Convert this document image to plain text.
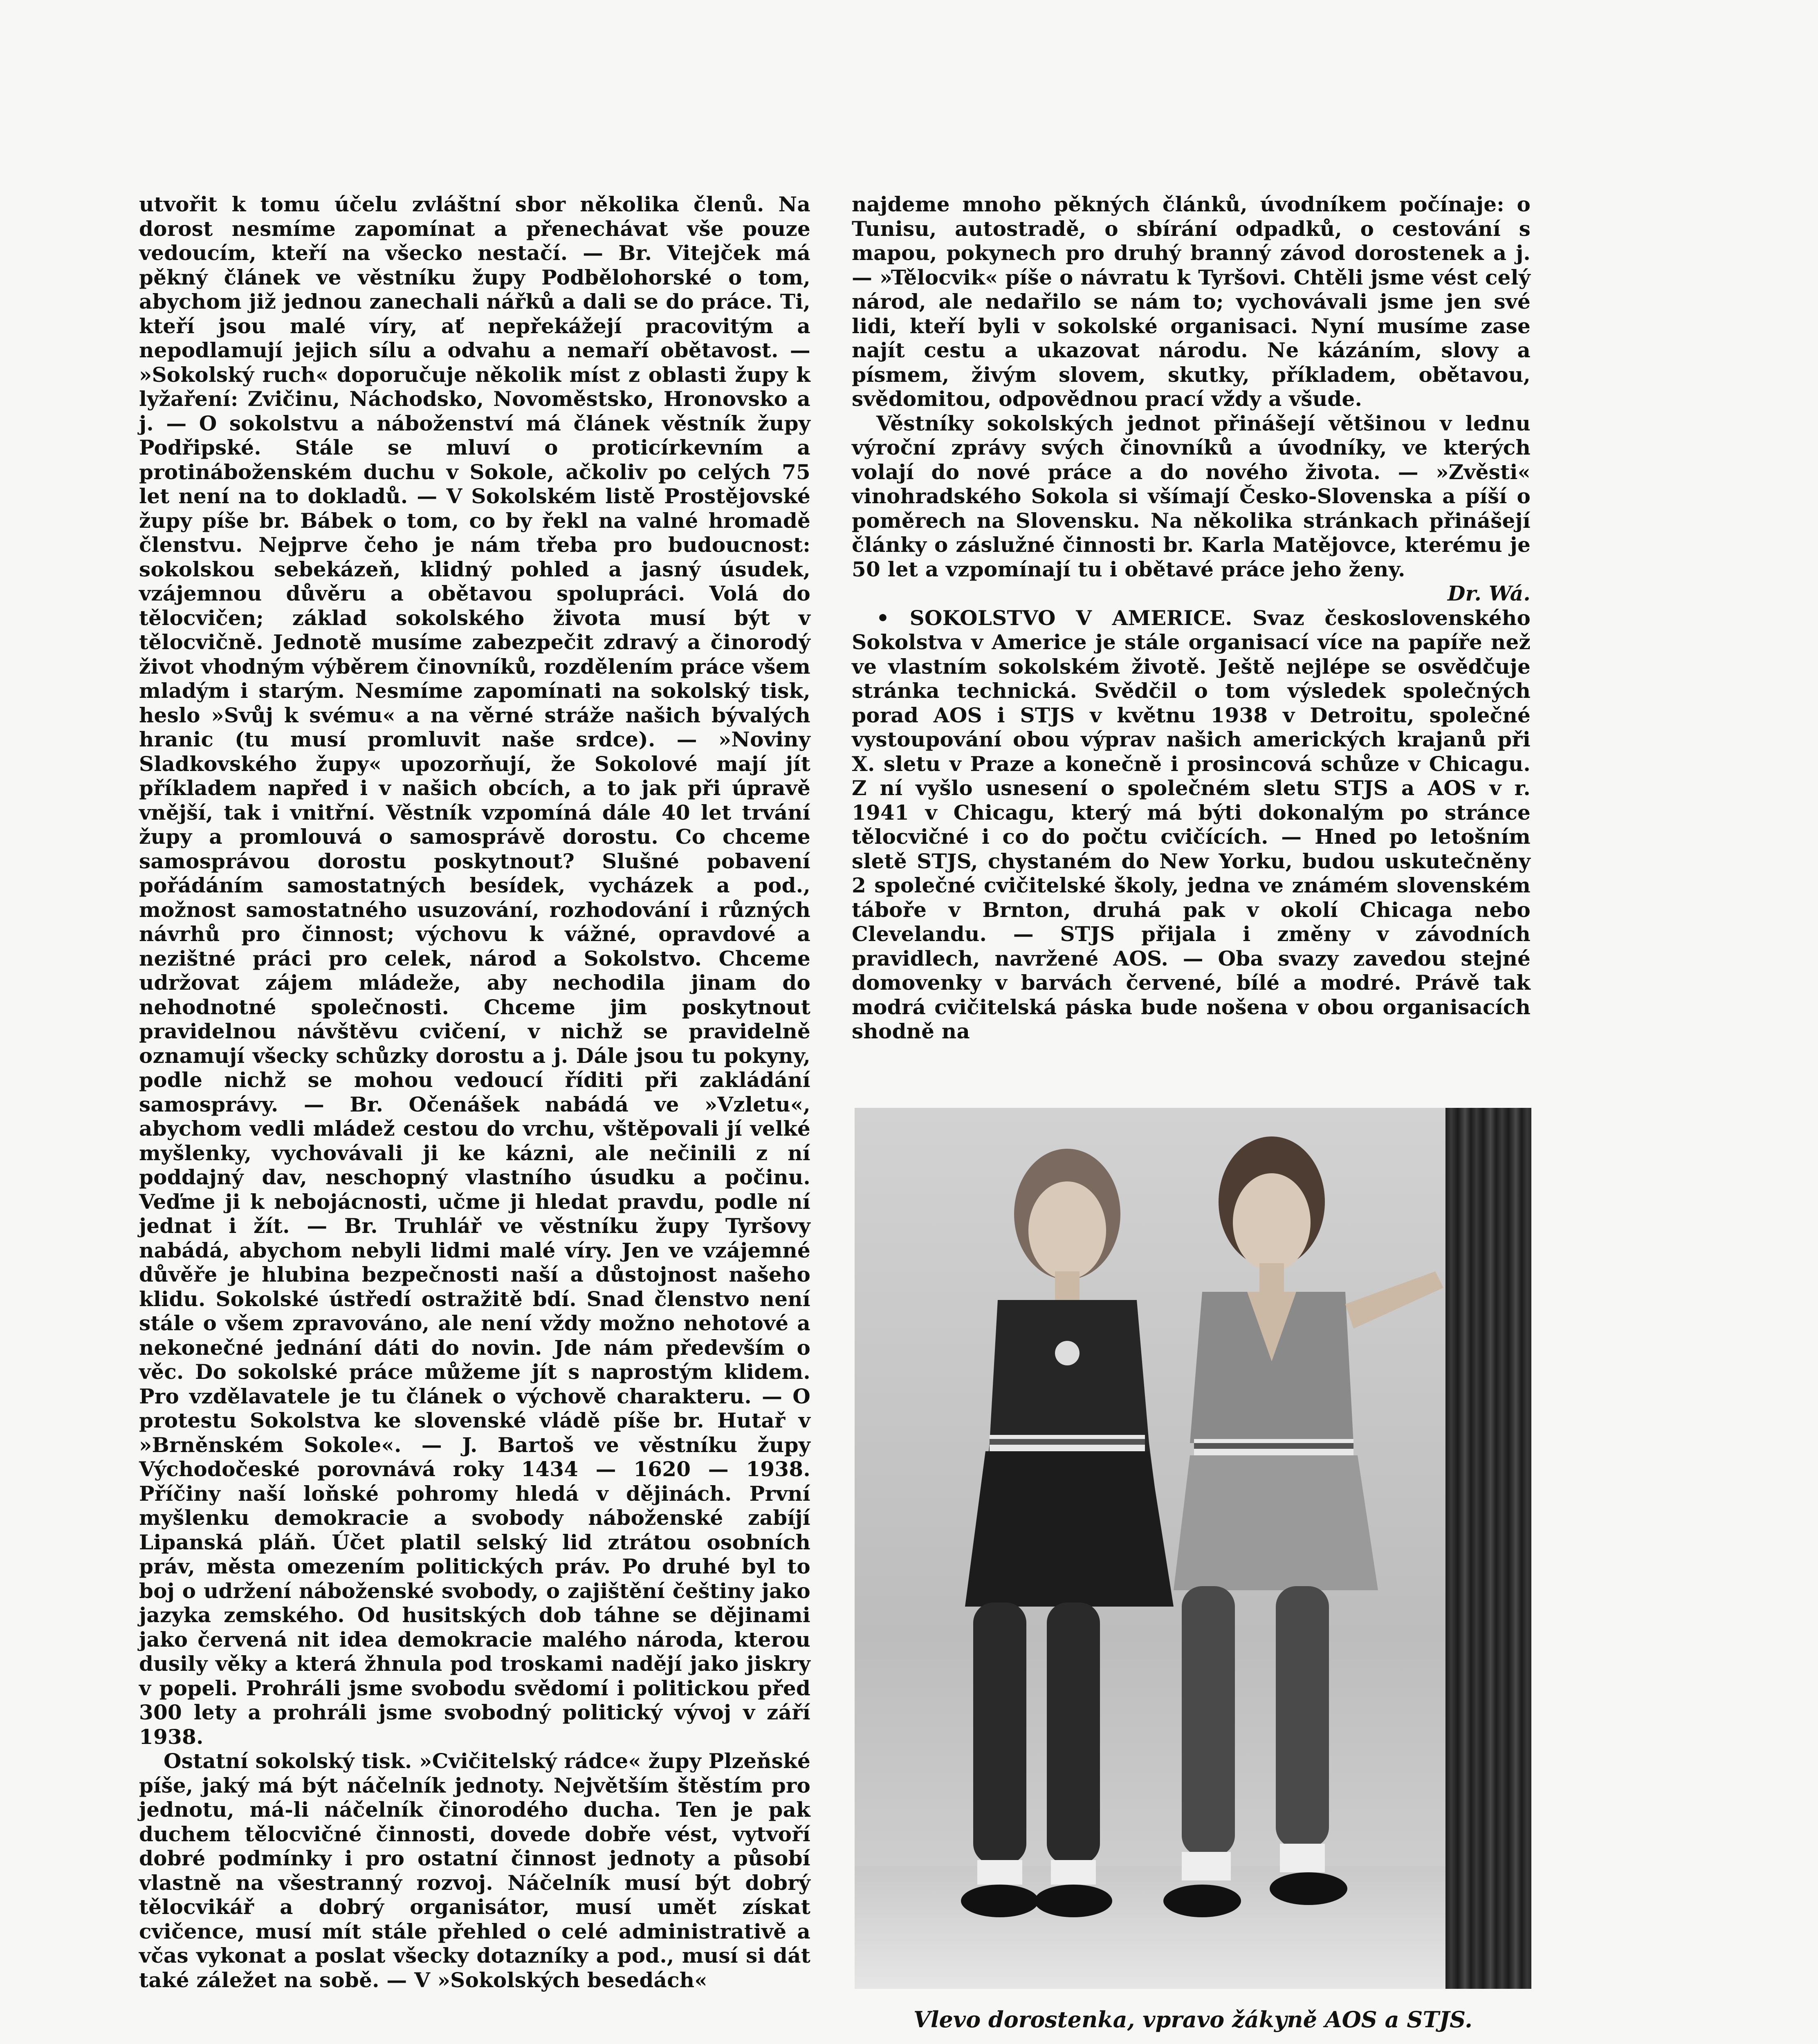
utvořit k tomu účelu zvláštní sbor několika členů. Na dorost nesmíme zapomínat a přenechávat vše pouze vedoucím, kteří na všecko nestačí. — Br. Vitejček má pěkný článek ve věstníku župy Podbělohorské o tom, abychom již jednou zanechali nářků a dali se do práce. Ti, kteří jsou malé víry, ať nepřekážejí pracovitým a nepodlamují jejich sílu a odvahu a nemaří obětavost. — »Sokolský ruch« doporučuje několik míst z oblasti župy k lyžaření: Zvičinu, Náchodsko, Novoměstsko, Hronovsko a j. — O sokolstvu a náboženství má článek věstník župy Podřipské. Stále se mluví o proticírkevním a protináboženském duchu v Sokole, ačkoliv po celých 75 let není na to dokladů. — V Sokolském listě Prostějovské župy píše br. Bábek o tom, co by řekl na valné hromadě členstvu. Nejprve čeho je nám třeba pro budoucnost: sokolskou sebekázeň, klidný pohled a jasný úsudek, vzájemnou důvěru a obětavou spolupráci. Volá do tělocvičen; základ sokolského života musí být v tělocvičně. Jednotě musíme zabezpečit zdravý a činorodý život vhodným výběrem činovníků, rozdělením práce všem mladým i starým. Nesmíme zapomínati na sokolský tisk, heslo »Svůj k svému« a na věrné stráže našich bývalých hranic (tu musí promluvit naše srdce). — »Noviny Sladkovského župy« upozorňují, že Sokolové mají jít příkladem napřed i v našich obcích, a to jak při úpravě vnější, tak i vnitřní. Věstník vzpomíná dále 40 let trvání župy a promlouvá o samosprávě dorostu. Co chceme samosprávou dorostu poskytnout? Slušné pobavení pořádáním samostatných besídek, vycházek a pod., možnost samostatného usuzování, rozhodování i různých návrhů pro činnost; výchovu k vážné, opravdové a nezištné práci pro celek, národ a Sokolstvo. Chceme udržovat zájem mládeže, aby nechodila jinam do nehodnotné společnosti. Chceme jim poskytnout pravidelnou návštěvu cvičení, v nichž se pravidelně oznamují všecky schůzky dorostu a j. Dále jsou tu pokyny, podle nichž se mohou vedoucí říditi při zakládání samosprávy. — Br. Očenášek nabádá ve »Vzletu«, abychom vedli mládež cestou do vrchu, vštěpovali jí velké myšlenky, vychovávali ji ke kázni, ale nečinili z ní poddajný dav, neschopný vlastního úsudku a počinu. Veďme ji k nebojácnosti, učme ji hledat pravdu, podle ní jednat i žít. — Br. Truhlář ve věstníku župy Tyršovy nabádá, abychom nebyli lidmi malé víry. Jen ve vzájemné důvěře je hlubina bezpečnosti naší a důstojnost našeho klidu. Sokolské ústředí ostražitě bdí. Snad členstvo není stále o všem zpravováno, ale není vždy možno nehotové a nekonečné jednání dáti do novin. Jde nám především o věc. Do sokolské práce můžeme jít s naprostým klidem. Pro vzdělavatele je tu článek o výchově charakteru. — O protestu Sokolstva ke slovenské vládě píše br. Hutař v »Brněnském Sokole«. — J. Bartoš ve věstníku župy Východočeské porovnává roky 1434 — 1620 — 1938. Příčiny naší loňské pohromy hledá v dějinách. První myšlenku demokracie a svobody náboženské zabíjí Lipanská pláň. Účet platil selský lid ztrátou osobních práv, města omezením politických práv. Po druhé byl to boj o udržení náboženské svobody, o zajištění češtiny jako jazyka zemského. Od husitských dob táhne se dějinami jako červená nit idea demokracie malého národa, kterou dusily věky a která žhnula pod troskami nadějí jako jiskry v popeli. Prohráli jsme svobodu svědomí i politickou před 300 lety a prohráli jsme svobodný politický vývoj v září 1938.

Ostatní sokolský tisk. »Cvičitelský rádce« župy Plzeňské píše, jaký má být náčelník jednoty. Největším štěstím pro jednotu, má-li náčelník činorodého ducha. Ten je pak duchem tělocvičné činnosti, dovede dobře vést, vytvoří dobré podmínky i pro ostatní činnost jednoty a působí vlastně na všestranný rozvoj. Náčelník musí být dobrý tělocvikář a dobrý organisátor, musí umět získat cvičence, musí mít stále přehled o celé administrativě a včas vykonat a poslat všecky dotazníky a pod., musí si dát také záležet na sobě. — V »Sokolských besedách«

najdeme mnoho pěkných článků, úvodníkem počínaje: o Tunisu, autostradě, o sbírání odpadků, o cestování s mapou, pokynech pro druhý branný závod dorostenek a j. — »Tělocvik« píše o návratu k Tyršovi. Chtěli jsme vést celý národ, ale nedařilo se nám to; vychovávali jsme jen své lidi, kteří byli v sokolské organisaci. Nyní musíme zase najít cestu a ukazovat národu. Ne kázáním, slovy a písmem, živým slovem, skutky, příkladem, obětavou, svědomitou, odpovědnou prací vždy a všude.

Věstníky sokolských jednot přinášejí většinou v lednu výroční zprávy svých činovníků a úvodníky, ve kterých volají do nové práce a do nového života. — »Zvěsti« vinohradského Sokola si všímají Česko-Slovenska a píší o poměrech na Slovensku. Na několika stránkach přinášejí články o záslužné činnosti br. Karla Matějovce, kterému je 50 let a vzpomínají tu i obětavé práce jeho ženy.
Dr. Wá.

• SOKOLSTVO V AMERICE. Svaz československého Sokolstva v Americe je stále organisací více na papíře než ve vlastním sokolském životě. Ještě nejlépe se osvědčuje stránka technická. Svědčil o tom výsledek společných porad AOS i STJS v květnu 1938 v Detroitu, společné vystoupování obou výprav našich amerických krajanů při X. sletu v Praze a konečně i prosincová schůze v Chicagu. Z ní vyšlo usnesení o společném sletu STJS a AOS v r. 1941 v Chicagu, který má býti dokonalým po stránce tělocvičné i co do počtu cvičících. — Hned po letošním sletě STJS, chystaném do New Yorku, budou uskutečněny 2 společné cvičitelské školy, jedna ve známém slovenském táboře v Brnton, druhá pak v okolí Chicaga nebo Clevelandu. — STJS přijala i změny v závodních pravidlech, navržené AOS. — Oba svazy zavedou stejné domovenky v barvách červené, bílé a modré. Právě tak modrá cvičitelská páska bude nošena v obou organisacích shodně na

Vlevo dorostenka, vpravo žákyně AOS a STJS.
